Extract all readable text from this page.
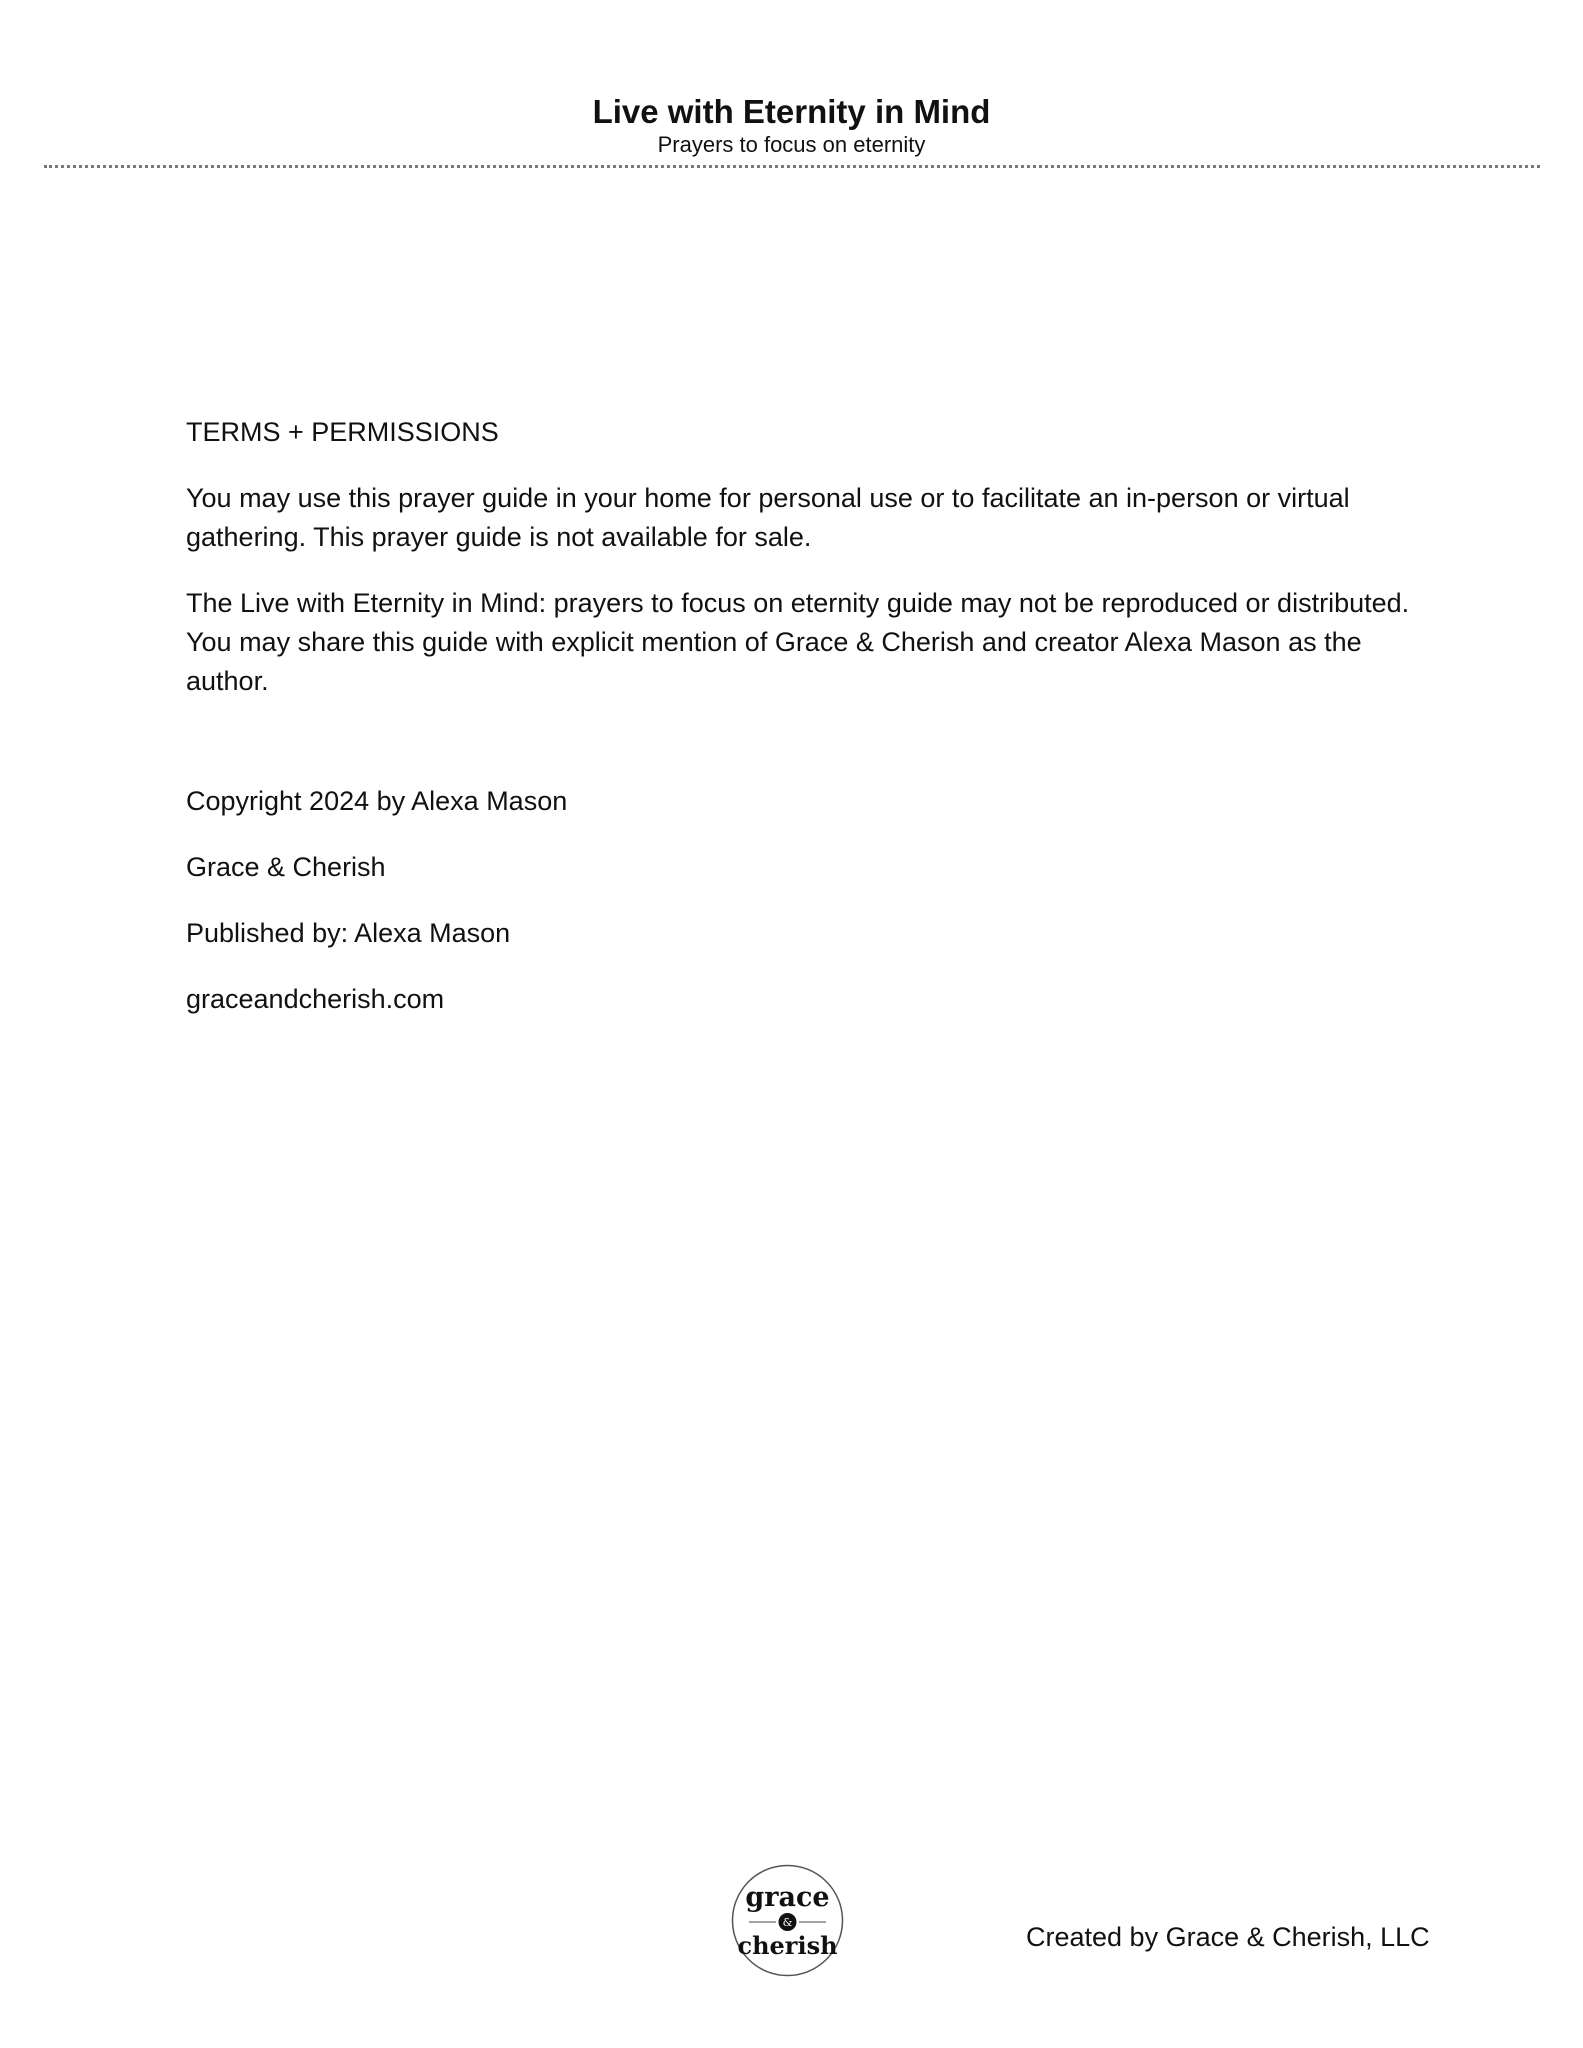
Live with Eternity in Mind
Prayers to focus on eternity

TERMS + PERMISSIONS

You may use this prayer guide in your home for personal use or to facilitate an in-person or virtual gathering. This prayer guide is not available for sale.

The Live with Eternity in Mind: prayers to focus on eternity guide may not be reproduced or distributed. You may share this guide with explicit mention of Grace & Cherish and creator Alexa Mason as the author.

Copyright 2024 by Alexa Mason

Grace & Cherish

Published by: Alexa Mason

graceandcherish.com

grace
&
cherish	Created by Grace & Cherish, LLC
